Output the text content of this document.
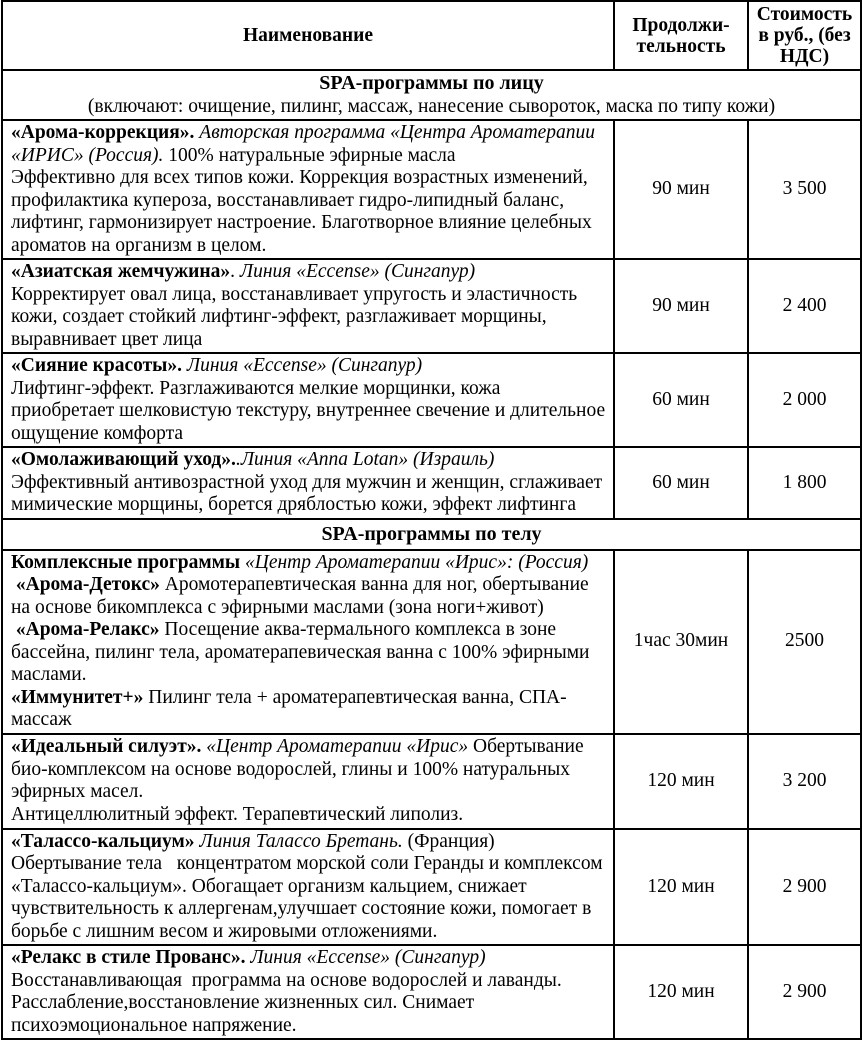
Наименование	Продолжи-тельность	Стоимость в руб., (без НДС)

SPA-программы по лицу
(включают: очищение, пилинг, массаж, нанесение сывороток, маска по типу кожи)		

«Арома-коррекция». Авторская программа «Центра Ароматерапии «ИРИС» (Россия). 100% натуральные эфирные масла
Эффективно для всех типов кожи. Коррекция возрастных изменений, профилактика купероза, восстанавливает гидро-липидный баланс, лифтинг, гармонизирует настроение. Благотворное влияние целебных ароматов на организм в целом.	90 мин	3 500

«Азиатская жемчужина». Линия «Eccense» (Сингапур)
Корректирует овал лица, восстанавливает упругость и эластичность кожи, создает стойкий лифтинг-эффект, разглаживает морщины, выравнивает цвет лица	90 мин	2 400

«Сияние красоты». Линия «Eccense» (Сингапур)
Лифтинг-эффект. Разглаживаются мелкие морщинки, кожа приобретает шелковистую текстуру, внутреннее свечение и длительное ощущение комфорта	60 мин	2 000

«Омолаживающий уход»..Линия «Anna Lotan» (Израиль)
Эффективный антивозрастной уход для мужчин и женщин, сглаживает мимические морщины, борется дряблостью кожи, эффект лифтинга	60 мин	1 800

SPA-программы по телу		

Комплексные программы «Центр Ароматерапии «Ирис»: (Россия)
«Арома-Детокс» Аромотерапевтическая ванна для ног, обертывание на основе бикомплекса с эфирными маслами (зона ноги+живот)
«Арома-Релакс» Посещение аква-термального комплекса в зоне бассейна, пилинг тела, ароматерапевическая ванна с 100% эфирными маслами.
«Иммунитет+» Пилинг тела + ароматерапевтическая ванна, СПА-массаж	1час 30мин	2500

«Идеальный силуэт». «Центр Ароматерапии «Ирис» Обертывание био-комплексом на основе водорослей, глины и 100% натуральных эфирных масел.
Антицеллюлитный эффект. Терапевтический липолиз.	120 мин	3 200

«Талассо-кальциум» Линия Талассо Бретань. (Франция) Обертывание тела   концентратом морской соли Геранды и комплексом «Талассо-кальциум». Обогащает организм кальцием, снижает чувствительность к аллергенам,улучшает состояние кожи, помогает в борьбе с лишним весом и жировыми отложениями.	120 мин	2 900

«Релакс в стиле Прованс». Линия «Eccense» (Сингапур)
Восстанавливающая  программа на основе водорослей и лаванды. Расслабление,восстановление жизненных сил. Снимает психоэмоциональное напряжение.	120 мин	2 900
